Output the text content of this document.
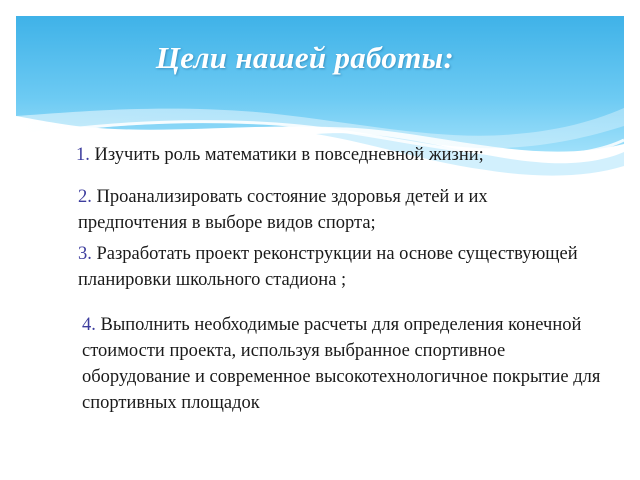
Цели нашей работы:

1. Изучить роль математики в повседневной жизни;

2. Проанализировать состояние здоровья детей и их предпочтения в выборе видов спорта;

3. Разработать проект реконструкции на основе существующей планировки школьного стадиона ;

4. Выполнить необходимые расчеты для определения конечной стоимости проекта, используя выбранное спортивное оборудование и современное высокотехнологичное покрытие для спортивных площадок
